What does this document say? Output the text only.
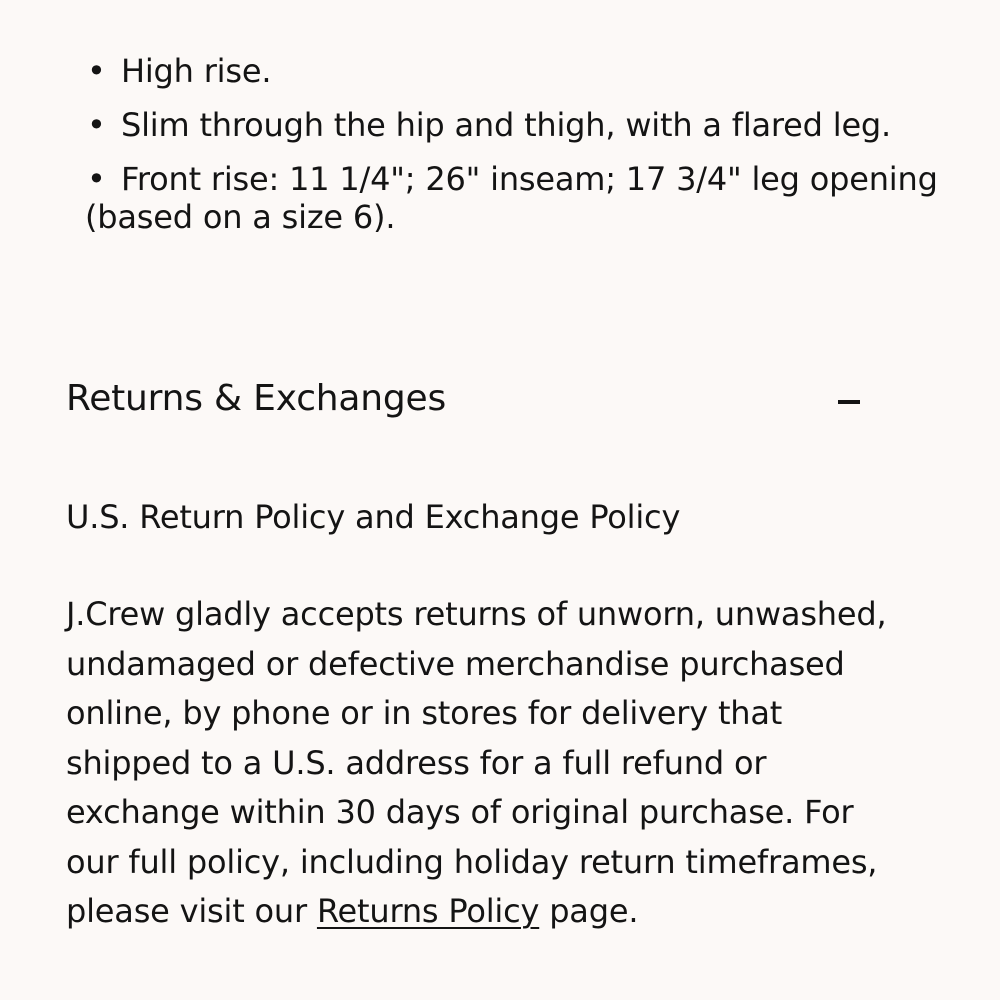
• High rise.
• Slim through the hip and thigh, with a flared leg.
• Front rise: 11 1/4"; 26" inseam; 17 3/4" leg opening (based on a size 6).
Returns & Exchanges
U.S. Return Policy and Exchange Policy

J.Crew gladly accepts returns of unworn, unwashed, undamaged or defective merchandise purchased online, by phone or in stores for delivery that shipped to a U.S. address for a full refund or exchange within 30 days of original purchase. For our full policy, including holiday return timeframes, please visit our Returns Policy page.
